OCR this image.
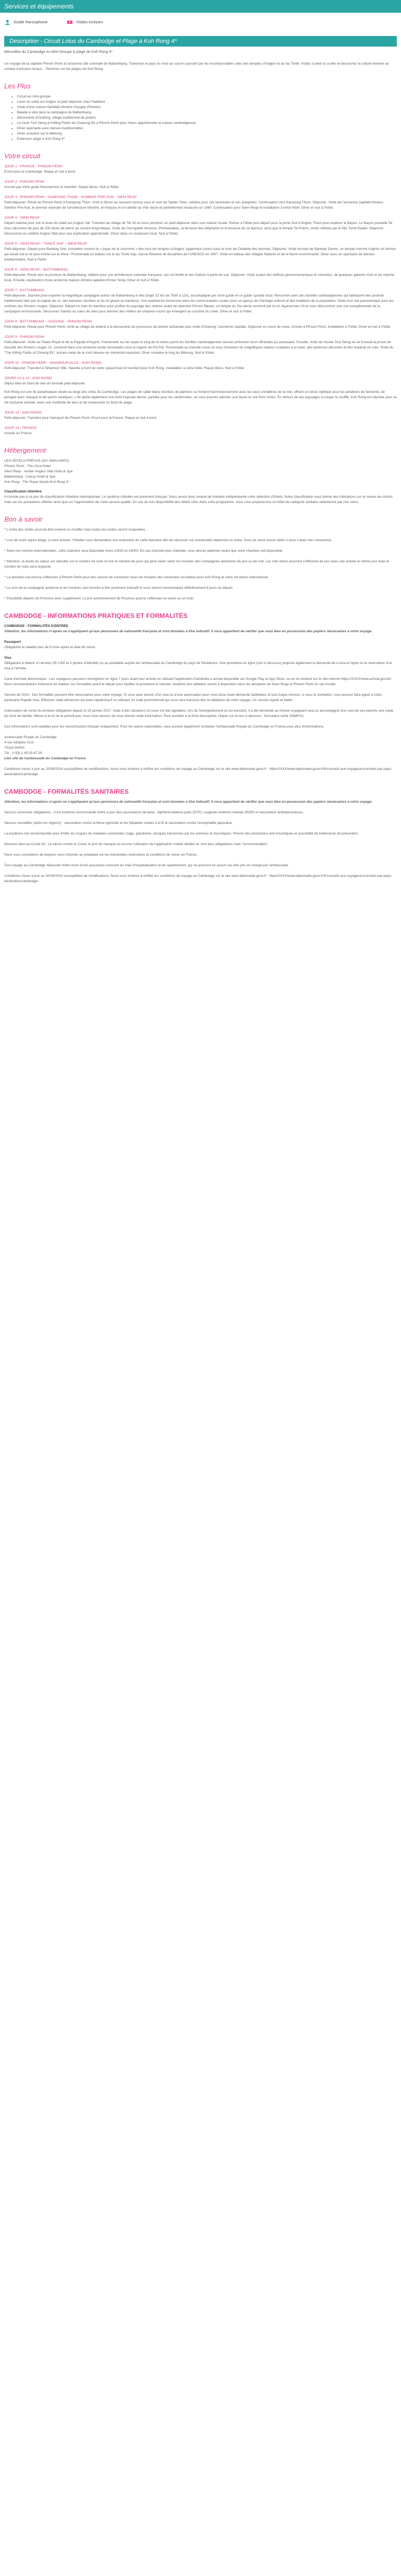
Services et équipements
Guide francophone	Visites incluses
Description - Circuit Lotus du Cambodge et Plage à Koh Rong 4*
Merveilles du Cambodge en Mini-Groupe & plage de Koh Rong 4*

Un voyage de la capitale Phnom Penh à l'ancienne cité coloniale de Battambang. Traversez le pays du nord au sud en passant par les incontournables sites des temples d'Angkor et du lac Tonlé. Visitez à pied ou à vélo et découvrez la culture khmère au contact d'artisans locaux... Terminez sur les plages de Koh Rong.

Les Plus
• Circuit en mini-groupe
• Lever du soleil sur Angkor et petit déjeuner chez l'habitant
• Visite d'une maison familiale khmère chargée d'histoire
• Balade à vélo dans la campagne de Battambang
• Découverte d'Oudong, village traditionnel de potiers
• La route Toul Sleng et Killing Fields de Choeung Ek à Phnom Penh pour mieux appréhender la culture cambodgienne
• Dîner spectacle avec danses traditionnelles
• Dîner croisière sur le Mékong
• Extension plage à Koh Rong 4*
Votre circuit
JOUR 1 : FRANCE - PHNOM PENH
Envol pour le Cambodge. Repas et nuit à bord.
JOUR 2 : PHNOM PENH
Accueil par votre guide francophone et transfert. Repas libres. Nuit à l'hôtel.
JOUR 3 : PHNOM PENH - KAMPONG THOM - SAMBOR PREI KUK - SIEM REAP
Petit-déjeuner. Route de Phnom Penh à Kampong Thom. Arrêt à Skuon au souvent connus sous le nom de Spider Town, célèbre pour ses tarentules et ses araignées. Continuation vers Kampong Thom. Déjeuner. Visite de l'ancienne capitale khmère, Sambor Prei Kuk, le premier exemple de l'architecture khmère, en briques et en latérite du VIIe siècle et partiellement restaurés en 1980. Continuation pour Siem Reap et installation à votre hôtel. Dîner et nuit à l'hôtel.
JOUR 4 : SIEM REAP
Départ matinal pour voir le lever du soleil sur Angkor Vat. Transfert au village de Tik Vit où vous prendrez un petit-déjeuner dans une maison locale. Retour à l'hôtel puis départ pour la porte Sud d'Angkor Thom pour explorer le Bayon. Le Bayon possède 54 tours décorées de plus de 200 faces de pierre au sourire énigmatique. Visite de l'incroyable terrasse, Phimeanakas, la terrasse des éléphants et la terrasse du roi lépreux, ainsi que le temple Ta Prohm, rendu célèbre par le film Tomb Raider. Déjeuner. Découverte du célèbre Angkor Wat pour une exploration approfondie. Dîner dans un restaurant local. Nuit à l'hôtel.
JOUR 5 : SIEM REAP – TONLÉ SAP – SIEM REAP
Petit-déjeuner. Départ pour Banteay Srei, considéré comme le « joyau de la couronne » des tous les temples d'Angkor, également connu sous le nom de Citadelle des femmes. Déjeuner. Visite ensuite de Banteay Samre, un temple nommé d'après un fermier qui aurait tué le roi puis monté sur le trône ! Promenade en bateau sur le lac Tonlé Sap, classé Réserve de biosphère de l'UNESCO en 1997. Visite en bateau des villages flottants et de la faune environnante. Dîner avec un spectacle de danses traditionnelles. Nuit à l'hôtel.
JOUR 6 : SIEM REAP – BATTAMBANG
Petit-déjeuner. Route vers la province de Battambang, célèbre pour son architecture coloniale française, son sol fertile et ses rizières à perte de vue. Déjeuner. Visite à pied des édifices gouvernementaux et coloniaux, de quelques galeries d'art et du marché local. Ensuite, exploration d'une ancienne maison khmère appelée Khmer Song. Dîner et nuit à l'hôtel.
JOUR 7 : BATTAMBANG
Petit-déjeuner. Journée pour explorer la magnifique campagne autour de Battambang à vélo (trajet 22 km de 7h30 à 12h), accompagné par votre guide et un guide cycliste local. Rencontre avec des familles cambodgiennes qui fabriquent des produits traditionnels faits par du papier de riz, des bananes séchées et du riz gluant au bambou). Une expérience immersive dans les communautés rurales pour un aperçu de l'héritage culturel et des traditions de la population. Visite d'un site panoramique pour les victimes des Khmers rouges. Déjeuner. Départ en train en bambou pour profiter du paysage des rizières avant de rejoindre Phnom Banan, un temple du XIe siècle construit par le roi Jayavarman VII et vous découvrirez une vue exceptionnelle de la campagne environnante. Découvrez Sambo au cœur de sites pour admirer des milliers de chauves-souris qui émergent au coucher du soleil. Dîner et nuit à l'hôtel.
JOUR 8 : BATTAMBANG – OUDONG - PHNOM PENH
Petit-déjeuner. Route pour Phnom Penh. Arrêt au village de poterie à la découverte du processus de poterie artisanale puis visite d'Oudong, l'ancienne capitale. Déjeuner en cours de route. Arrivée à Phnom Penh, installation à l'hôtel. Dîner et nuit à l'hôtel.
JOUR 9 : PHNOM PENH
Petit-déjeuner. Visite du Palais Royal et de la Pagode d'Argent. Promenade sur les quais le long de la rivière parmi les familles cambodgiennes venues présenter leurs offrandes au sanctuaire. Ensuite, visite du musée Toul Sleng où se trouvait la prison de sécurité des Khmers rouges 21, construit dans une ancienne école secondaire sous le régime de Pol Pot. Promenade au marché russe où vous trouverez de magnifiques statues sculptées à la main, des lanternes décorées et des foulards en soie. Visite du "The Killing Fields of Choeng Ek", ancien camp de la mort devenu un mémorial important. Dîner croisière le long du Mékong. Nuit à l'hôtel.
JOUR 10 : PHNOM PENH - SIHANOUKVILLE – KOH RONG
Petit-déjeuner. Transfert à Sihanouk Ville. Navette à bord de notre speed boat et transfert pour Koh Rong. Installation à votre hôtel. Repas libres. Nuit à l'hôtel.
JOURS 10 à 13 : KOH RONG
Séjour libre en bord de mer en formule petit-déjeuner.
Koh Rong est une île paradisiaque située au large des côtes du Cambodge. Les plages de sable blanc bordées de palmiers se fondent harmonieusement avec les eaux cristallines de la mer, offrant un décor idyllique pour les amateurs de farniente, de plongée avec masque et de sports nautiques. L'île abrite également une forêt tropicale dense, parfaite pour les randonnées, où vous pourrez admirer une faune et une flore riches. En dehors de ses paysages à couper le souffle, Koh Rong est réputée pour sa vie nocturne animée, avec une multitude de bars et de restaurants en bord de plage.
JOUR 13 : KOH RONG
Petit-déjeuner. Transfert pour l'aéroport de Phnom Penh. Envol pour la France. Repas et nuit à bord.
JOUR 14 : FRANCE
Arrivée en France.
Hébergement
LES HÔTELS PRÉVUS (OU SIMILAIRES)
Phnom Penh : The Onra Hotel
Siem Reap : Amber Angkor Villa Hotel & Spa
Battambang : Classy Hotel & Spa
Koh Rong : The Royal Sands Koh Rong 4*
Classification hôtelière

Il n'existe pas à ce jour de classification hôtelière internationale. Le système d'étoiles est purement français. Nous avons donc évalué de manière indépendante notre sélection d'hôtels. Notre classification vous donne des indications sur le niveau de confort mais sur les prestations offertes ainsi que sur l'appréciation de notre service qualité. En cas de non disponibilité des hôtels cités dans votre programme, nous vous proposerons un hôtel de catégorie similaire sélectionné par nos soins.

Bon à savoir

* L'ordre des visites pourrait être inversé ou modifié mais toutes les visites seront respectées.

* Lors de votre séjour plage, à votre arrivée, l'hôtelier vous demandera une empreinte de carte bancaire afin de sécuriser vos éventuelles dépenses en extra. Vous ne serez aucun débit si vous n'avez rien consommé.

* Selon les normes internationales, votre chambre sera disponible entre 12h00 et 14h00. En cas d'arrivée plus matinale, vous devrez patienter avant que votre chambre soit disponible.

* Attention, la durée du séjour est calculée sur le nombre de nuits et non le nombre de jours qui peut varier selon les horaires des compagnies aériennes de jour ou de nuit. Les vols retour pourront s'effectuer de jour avec une arrivée le même jour mais le nombre de nuits sera respecté.

* La dernière nuit pourra s'effectuer à Phnom Penh pour des raisons de connexion avec les horaires des traversées en bateau pour Koh Rong et votre vol retour international.

* Le nom de la compagnie aérienne et les horaires sont donnés à titre purement indicatif et vous seront communiqués définitivement 8 jours du départ.

* Possibilité départs de Province avec supplément. Le pré acheminement de Province pourra s'effectuer en avion ou en train.

CAMBODGE - INFORMATIONS PRATIQUES ET FORMALITÉS
CAMBODGE - FORMALITÉS D'ENTRÉE

Attention, les informations ci-après ne s'appliquent qu'aux personnes de nationalité française et sont données à titre indicatif. Il vous appartient de vérifier que vous êtes en possession des papiers nécessaires à votre voyage.

Passeport
Obligatoire et valable plus de 6 mois après la date de retour.
Visa
Obligatoire à obtenir à l'arrivée (35 USD et 2 photos d'identité) ou au préalable auprès de l'ambassade du Cambodge du pays de Résidence. Une procédure en ligne (voir ci-dessous) propose également la demande de e-visa en ligne ou la réservation d'un visa à l'arrivée.

Carte d'arrivée électronique : Les voyageurs peuvent s'enregistrer en ligne 7 jours avant leur arrivée en utilisant l'application Cambodia e-arrival disponible sur Google Play et App Store, ou en se rendant sur le site internet https://XXXX/www.arrival.gov.kh/. Nous recommandons fortement de réaliser ces formalités avant le départ pour faciliter la procédure à l'arrivée, toutefois des tablettes seront à disposition dans les aéroports de Siem Reap et Phnom Penh en cas d'oubli.

Service de VISA : Des formalités peuvent être nécessaires pour votre voyage. Si vous avez besoin d'un visa ou d'une autorisation pour vous et/ou toute demande facilitateur et tout risque d'erreur, si vous le souhaitez, vous pouvez faire appel à notre partenaire Rapide Visa. Effectuer cette démarche via www.rapidevisa.fr en utilisant un code promotionnel qui vous sera transmis dès la validation de votre voyage. Un service rapide et fiable.

Autorisation de sortie du territoire obligatoire depuis le 15 janvier 2017. Suite à des situations où nous ont été signalées, lors de l'enregistrement ou du transfert, il a été demandé au mineur voyageant seul ou accompagné d'un seul de ses parents une copie du livret de famille. Même si la loi ne le prévoit pas, nous vous devons de vous donner cette information. Pour accéder à la fiche descriptive, cliquer sur le lien ci-dessous : formulaire cerfa 15646*01

Ces informations sont valables pour les ressortissants français uniquement. Pour les autres nationalités, vous pouvez également contacter l'ambassade Royale du Cambodge en France pour plus d'informations.

Ambassade Royale du Cambodge
4 rue Adolphe Yvon
75116 PARIS
Tél : (+33) 1.45.03.47.20
Lien site de l'ambassade du Cambodge en France

Conditions mises à jour au 20/09/2024 susceptibles de modifications. Nous vous invitons à vérifier les conditions de voyage au Cambodge sur le site www.diplomatie.gouv.fr : https/XXXX/www.diplomatie.gouv.fr/fr/conseils-aux-voyageurs/conseils-par-pays-destination/cambodge

CAMBODGE - FORMALITÉS SANITAIRES

Attention, les informations ci-après ne s'appliquent qu'aux personnes de nationalité française et sont données à titre indicatif. Il vous appartient de vérifier que vous êtes en possession des papiers nécessaires à votre voyage.

Vaccins universels obligatoires : Il est toutefois recommandé d'être à jour des vaccinations de base : diphtérie-tétanos-polio (DTP), rougeole-oreillons-rubéole (ROR) et vaccination antituberculeuse.

Vaccins conseillés (selon les régions) : vaccination contre la fièvre typhoïde et les hépatites virales A et B et vaccination contre l'encéphalite japonaise.

La prudence est recommandée pour limiter les risques de maladies vectorielles (rage, paludisme, dengue) transmises par les animaux et moustiques. Prévoir des protections anti-moustiques et possibilité de traitements de prévention.

Mesures liées au Covid-19 : Le vaccin contre le Covid, le port du masque ou encore l'utilisation de l'application mobile dédiée ne sont plus obligatoires mais "recommandées".

Nous vous conseillons de toujours vous informer au préalable sur les éventuelles restrictions et conditions de retour en France.

Tout voyage au Cambodge nécessite d'être muni d'une assurance couvrant les frais d'hospitalisation et de rapatriement, qui ne pourront en aucun cas être pris en charge par l'ambassade.

Conditions mises à jour au 20/09/2024 susceptibles de modifications. Nous vous invitons à vérifier les conditions de voyage au Cambodge sur le site www.diplomatie.gouv.fr : https/XXXX/www.diplomatie.gouv.fr/fr/conseils-aux-voyageurs/conseils-par-pays-destination/cambodge
